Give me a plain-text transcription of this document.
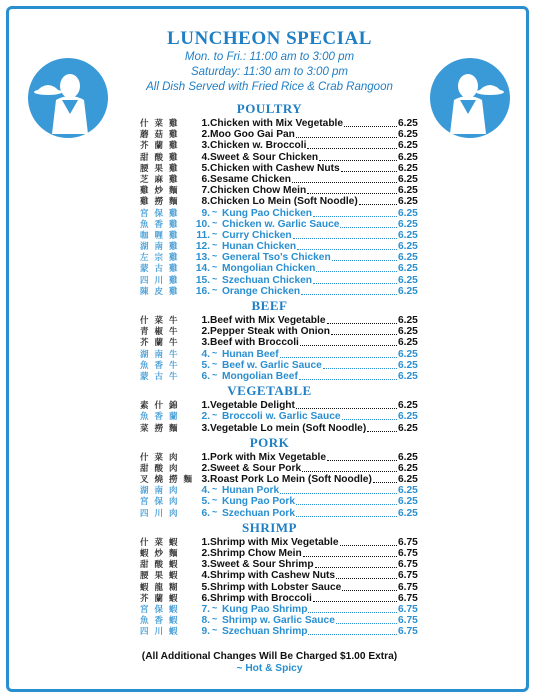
LUNCHEON SPECIAL
Mon. to Fri.: 11:00 am to 3:00 pm
Saturday: 11:30 am to 3:00 pm
All Dish Served with Fried Rice & Crab Rangoon
POULTRY
什菜雞	1. Chicken with Mix Vegetable	6.25
蘑菇雞	2. Moo Goo Gai Pan	6.25
芥蘭雞	3. Chicken w. Broccoli	6.25
甜酸雞	4. Sweet & Sour Chicken	6.25
腰果雞	5. Chicken with Cashew Nuts	6.25
芝麻雞	6. Sesame Chicken	6.25
雞炒麵	7. Chicken Chow Mein	6.25
雞撈麵	8. Chicken Lo Mein (Soft Noodle)	6.25
宮保雞	9. ~ Kung Pao Chicken	6.25
魚香雞	10. ~ Chicken w. Garlic Sauce	6.25
咖喱雞	11. ~ Curry Chicken	6.25
湖南雞	12. ~ Hunan Chicken	6.25
左宗雞	13. ~ General Tso's Chicken	6.25
蒙古雞	14. ~ Mongolian Chicken	6.25
四川雞	15. ~ Szechuan Chicken	6.25
陳皮雞	16. ~ Orange Chicken	6.25
BEEF
什菜牛	1. Beef with Mix Vegetable	6.25
青椒牛	2. Pepper Steak with Onion	6.25
芥蘭牛	3. Beef with Broccoli	6.25
湖南牛	4. ~ Hunan Beef	6.25
魚香牛	5. ~ Beef w. Garlic Sauce	6.25
蒙古牛	6. ~ Mongolian Beef	6.25
VEGETABLE
素什錦	1. Vegetable Delight	6.25
魚香蘭	2. ~ Broccoli w. Garlic Sauce	6.25
菜撈麵	3. Vegetable Lo mein (Soft Noodle)	6.25
PORK
什菜肉	1. Pork with Mix Vegetable	6.25
甜酸肉	2. Sweet & Sour Pork	6.25
叉燒撈麵 3. Roast Pork Lo Mein (Soft Noodle)	6.25
湖南肉	4. ~ Hunan Pork	6.25
宮保肉	5. ~ Kung Pao Pork	6.25
四川肉	6. ~ Szechuan Pork	6.25
SHRIMP
什菜蝦	1. Shrimp with Mix Vegetable	6.75
蝦炒麵	2. Shrimp Chow Mein	6.75
甜酸蝦	3. Sweet & Sour Shrimp	6.75
腰果蝦	4. Shrimp with Cashew Nuts	6.75
蝦龍糊	5. Shrimp with Lobster Sauce	6.75
芥蘭蝦	6. Shrimp with Broccoli	6.75
宮保蝦	7. ~ Kung Pao Shrimp	6.75
魚香蝦	8. ~ Shrimp w. Garlic Sauce	6.75
四川蝦	9. ~ Szechuan Shrimp	6.75
(All Additional Changes Will Be Charged $1.00 Extra)
~ Hot & Spicy
